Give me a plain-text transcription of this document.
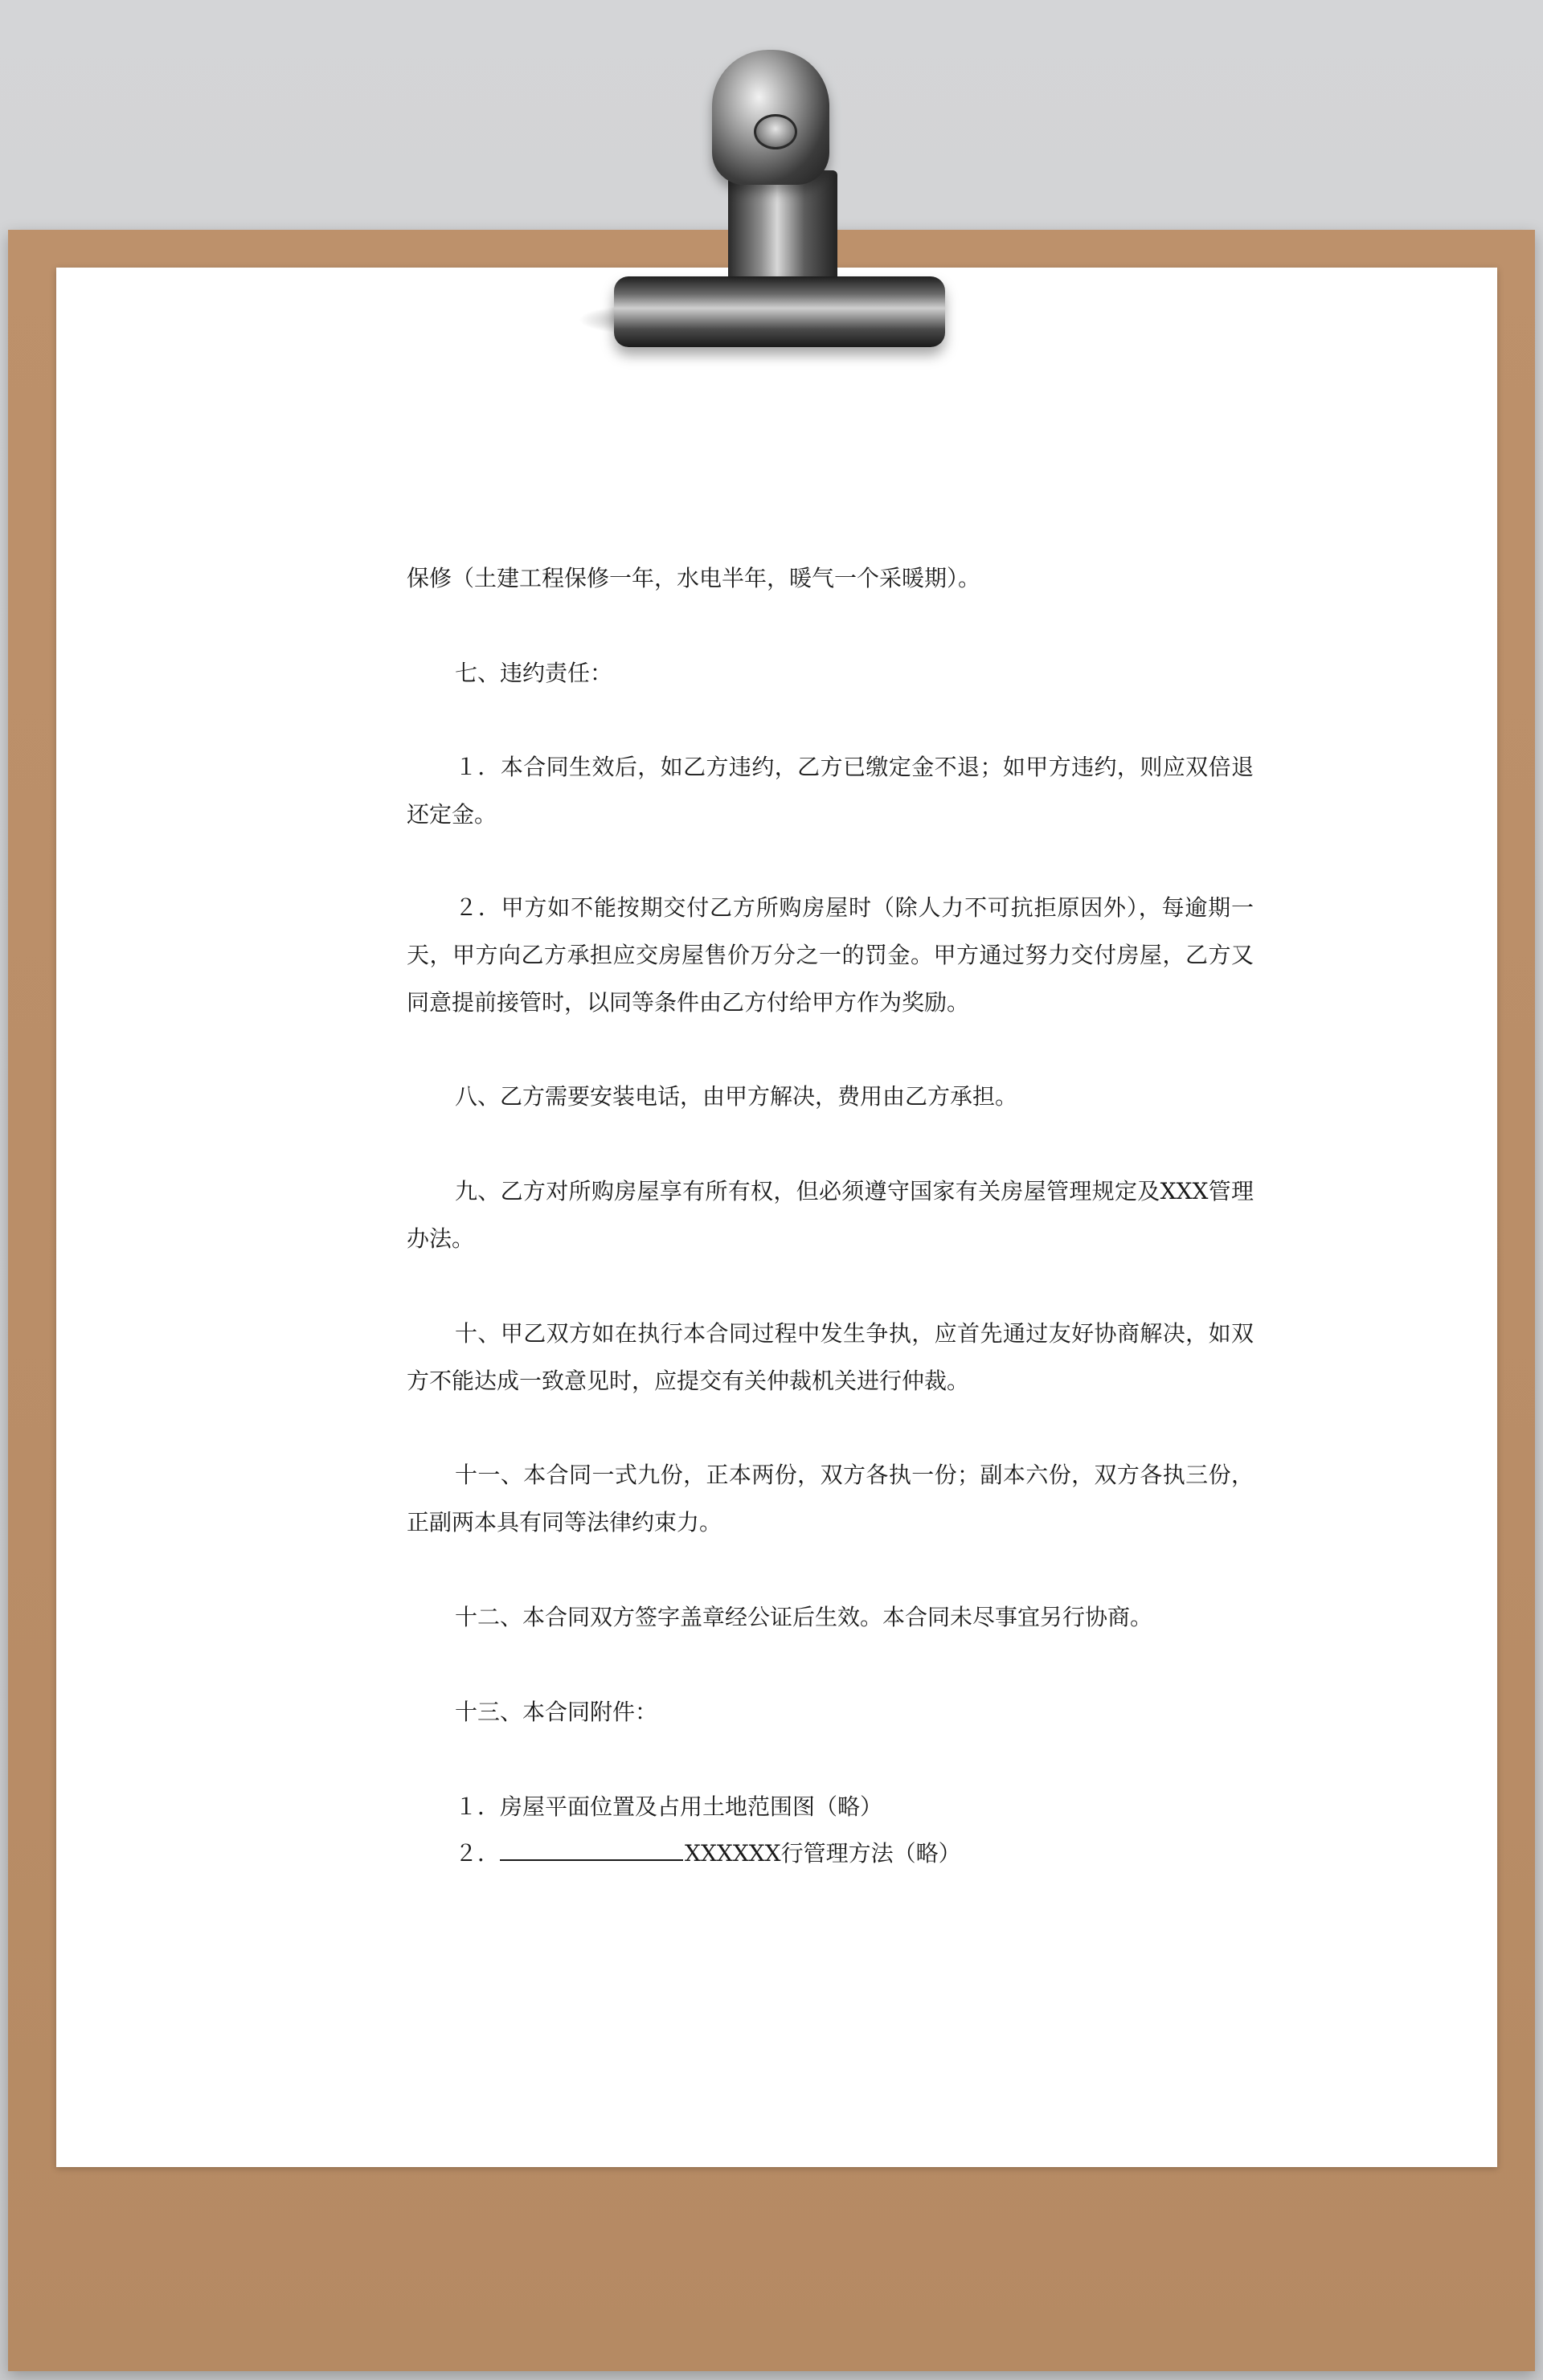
保修（土建工程保修一年，水电半年，暖气一个采暖期）。

七、违约责任：

１．本合同生效后，如乙方违约，乙方已缴定金不退；如甲方违约，则应双倍退还定金。

２．甲方如不能按期交付乙方所购房屋时（除人力不可抗拒原因外），每逾期一天，甲方向乙方承担应交房屋售价万分之一的罚金。甲方通过努力交付房屋，乙方又同意提前接管时，以同等条件由乙方付给甲方作为奖励。

八、乙方需要安装电话，由甲方解决，费用由乙方承担。

九、乙方对所购房屋享有所有权，但必须遵守国家有关房屋管理规定及XXX管理办法。

十、甲乙双方如在执行本合同过程中发生争执，应首先通过友好协商解决，如双方不能达成一致意见时，应提交有关仲裁机关进行仲裁。

十一、本合同一式九份，正本两份，双方各执一份；副本六份，双方各执三份，正副两本具有同等法律约束力。

十二、本合同双方签字盖章经公证后生效。本合同未尽事宜另行协商。

十三、本合同附件：

１．房屋平面位置及占用土地范围图（略）

２．	XXXXXX行管理方法（略）
